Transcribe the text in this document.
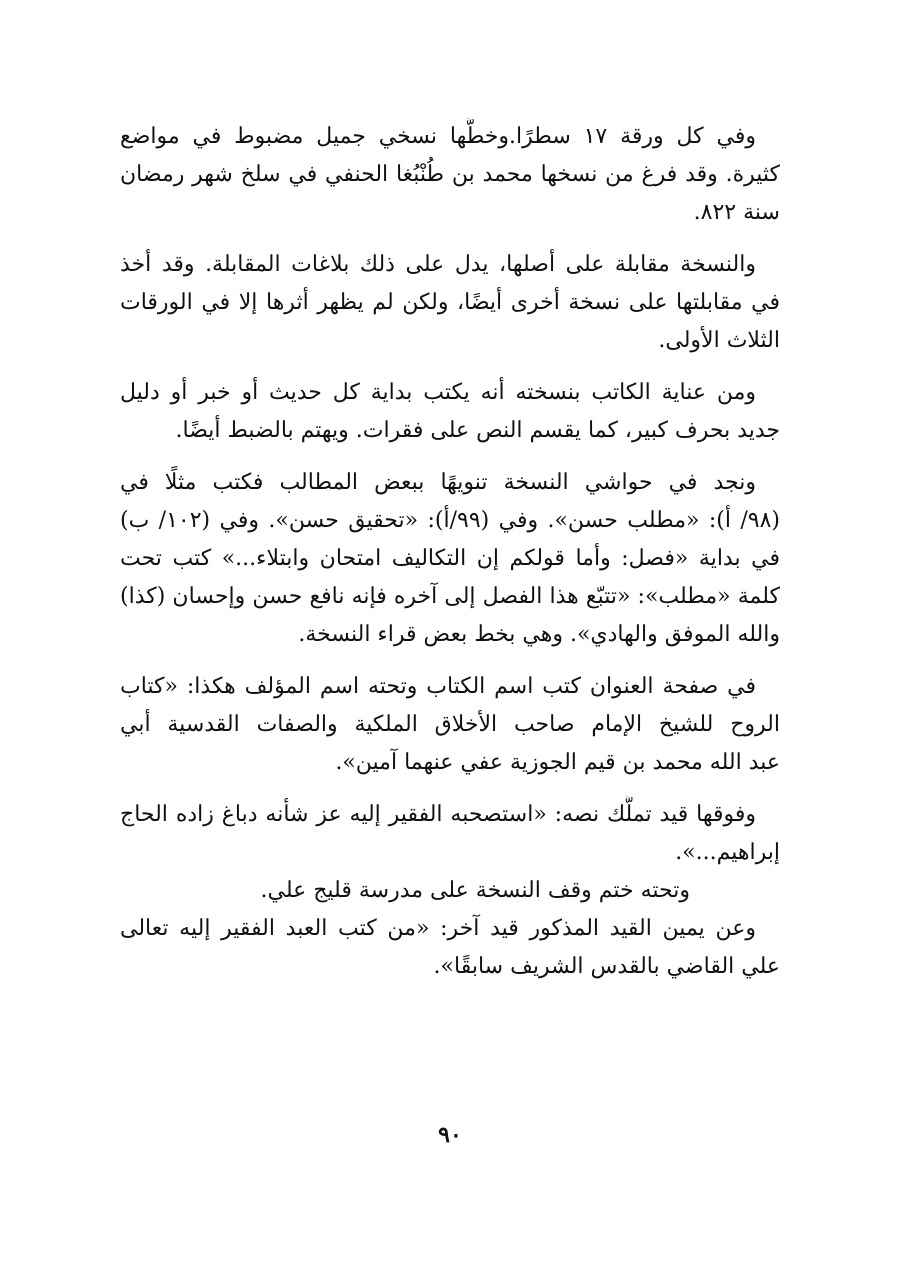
وفي كل ورقة ١٧ سطرًا.وخطُّها نسخي جميل مضبوط في مواضع
كثيرة. وقد فرغ من نسخها محمد بن طُنْبُغا الحنفي في سلخ شهر رمضان
سنة ٨٢٢.
والنسخة مقابلة على أصلها، يدل على ذلك بلاغات المقابلة. وقد أخذ
في مقابلتها على نسخة أخرى أيضًا، ولكن لم يظهر أثرها إلا في الورقات
الثلاث الأولى.
ومن عناية الكاتب بنسخته أنه يكتب بداية كل حديث أو خبر أو دليل
جديد بحرف كبير، كما يقسم النص على فقرات. ويهتم بالضبط أيضًا.
ونجد في حواشي النسخة تنويهًا ببعض المطالب فكتب مثلًا في
(٩٨/ أ): «مطلب حسن». وفي (٩٩/أ): «تحقيق حسن». وفي (١٠٢/ ب)
في بداية «فصل: وأما قولكم إن التكاليف امتحان وابتلاء...» كتب تحت
كلمة «مطلب»: «تتبّع هذا الفصل إلى آخره فإنه نافع حسن وإحسان (كذا)
والله الموفق والهادي». وهي بخط بعض قراء النسخة.
في صفحة العنوان كتب اسم الكتاب وتحته اسم المؤلف هكذا: «كتاب
الروح للشيخ الإمام صاحب الأخلاق الملكية والصفات القدسية أبي
عبد الله محمد بن قيم الجوزية عفي عنهما آمين».
وفوقها قيد تملُّك نصه: «استصحبه الفقير إليه عز شأنه دباغ زاده الحاج
إبراهيم...».
وتحته ختم وقف النسخة على مدرسة قليج علي.
وعن يمين القيد المذكور قيد آخر: «من كتب العبد الفقير إليه تعالى
علي القاضي بالقدس الشريف سابقًا».
٩٠
